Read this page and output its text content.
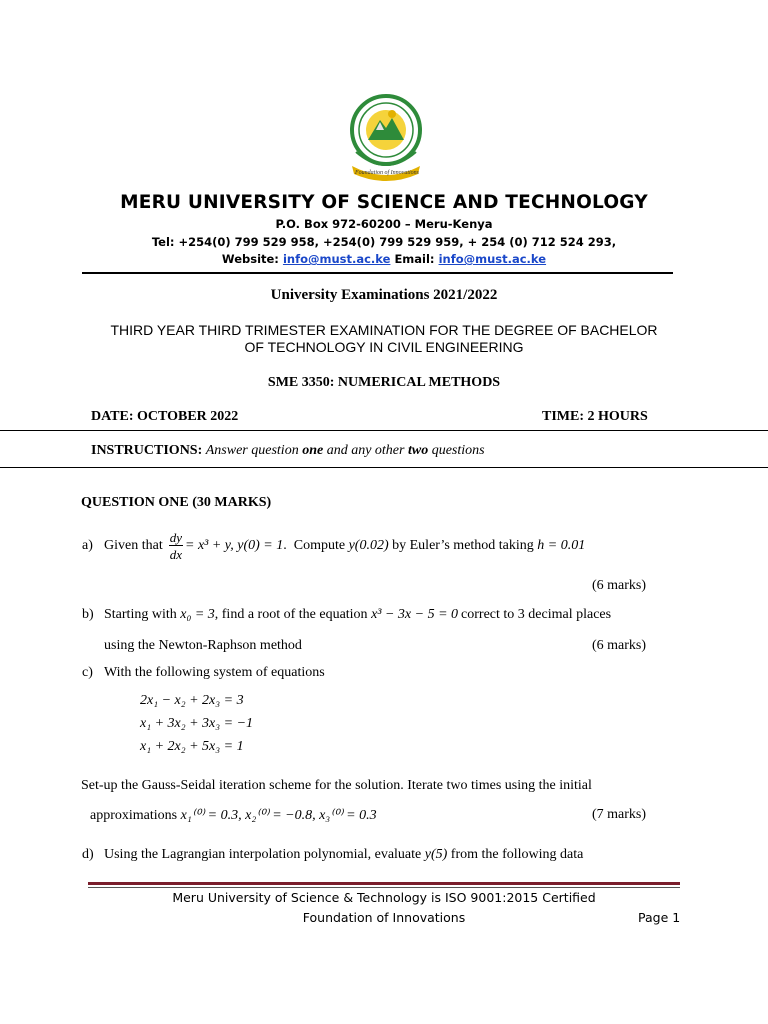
Foundation of Innovations
MERU UNIVERSITY OF SCIENCE AND TECHNOLOGY
P.O. Box 972-60200 – Meru-Kenya
Tel: +254(0) 799 529 958, +254(0) 799 529 959, + 254 (0) 712 524 293,
Website: info@must.ac.ke Email: info@must.ac.ke
University Examinations 2021/2022
THIRD YEAR THIRD TRIMESTER EXAMINATION FOR THE DEGREE OF BACHELOR
OF TECHNOLOGY IN CIVIL ENGINEERING
SME 3350: NUMERICAL METHODS
DATE: OCTOBER 2022	TIME: 2 HOURS
INSTRUCTIONS: Answer question one and any other two questions
QUESTION ONE (30 MARKS)
a) Given that $\frac{dy}{dx} = x^3 + y$, y(0) = 1 .  Compute y(0.02) by Euler’s method taking h = 0.01
(6 marks)
b) Starting with x₀ = 3, find a root of the equation x³ − 3x − 5 = 0 correct to 3 decimal places
using the Newton-Raphson method	(6 marks)
c) With the following system of equations
2x₁ − x₂ + 2x₃ = 3
x₁ + 3x₂ + 3x₃ = −1
x₁ + 2x₂ + 5x₃ = 1
Set-up the Gauss-Seidal iteration scheme for the solution. Iterate two times using the initial
approximations x₁⁽⁰⁾ = 0.3, x₂⁽⁰⁾ = −0.8, x₃⁽⁰⁾ = 0.3	(7 marks)
d) Using the Lagrangian interpolation polynomial, evaluate y(5) from the following data
Meru University of Science & Technology is ISO 9001:2015 Certified
Foundation of Innovations	Page 1
